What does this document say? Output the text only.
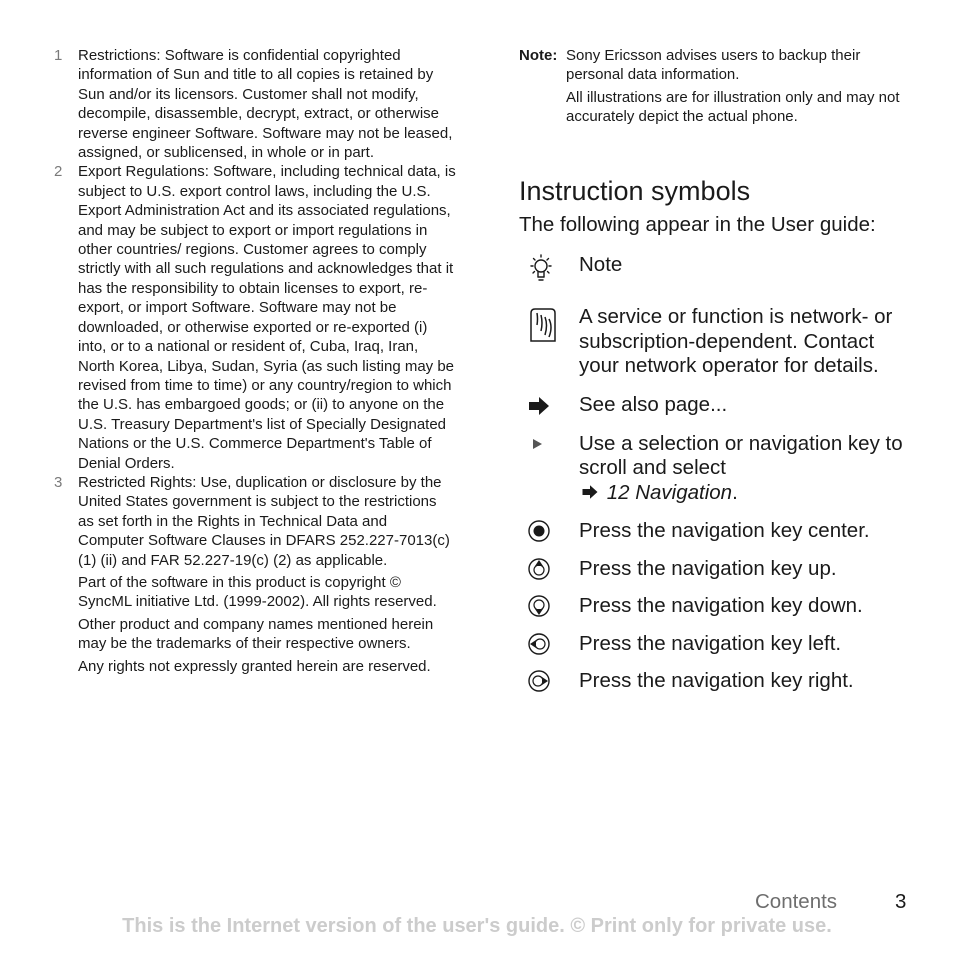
1	Restrictions: Software is confidential copyrighted information of Sun and title to all copies is retained by Sun and/or its licensors. Customer shall not modify, decompile, disassemble, decrypt, extract, or otherwise reverse engineer Software. Software may not be leased, assigned, or sublicensed, in whole or in part.
2	Export Regulations: Software, including technical data, is subject to U.S. export control laws, including the U.S. Export Administration Act and its associated regulations, and may be subject to export or import regulations in other countries/ regions. Customer agrees to comply strictly with all such regulations and acknowledges that it has the responsibility to obtain licenses to export, re-export, or import Software. Software may not be downloaded, or otherwise exported or re-exported (i) into, or to a national or resident of, Cuba, Iraq, Iran, North Korea, Libya, Sudan, Syria (as such listing may be revised from time to time) or any country/region to which the U.S. has embargoed goods; or (ii) to anyone on the U.S. Treasury Department's list of Specially Designated Nations or the U.S. Commerce Department's Table of Denial Orders.
3	Restricted Rights: Use, duplication or disclosure by the United States government is subject to the restrictions as set forth in the Rights in Technical Data and Computer Software Clauses in DFARS 252.227-7013(c) (1) (ii) and FAR 52.227-19(c) (2) as applicable.
Part of the software in this product is copyright © SyncML initiative Ltd. (1999-2002). All rights reserved.
Other product and company names mentioned herein may be the trademarks of their respective owners.
Any rights not expressly granted herein are reserved.
Note: Sony Ericsson advises users to backup their personal data information.
All illustrations are for illustration only and may not accurately depict the actual phone.
Instruction symbols
The following appear in the User guide:
Note
A service or function is network- or subscription-dependent. Contact your network operator for details.
See also page...
Use a selection or navigation key to scroll and select
12 Navigation.
Press the navigation key center.
Press the navigation key up.
Press the navigation key down.
Press the navigation key left.
Press the navigation key right.
Contents	3
This is the Internet version of the user's guide. © Print only for private use.
